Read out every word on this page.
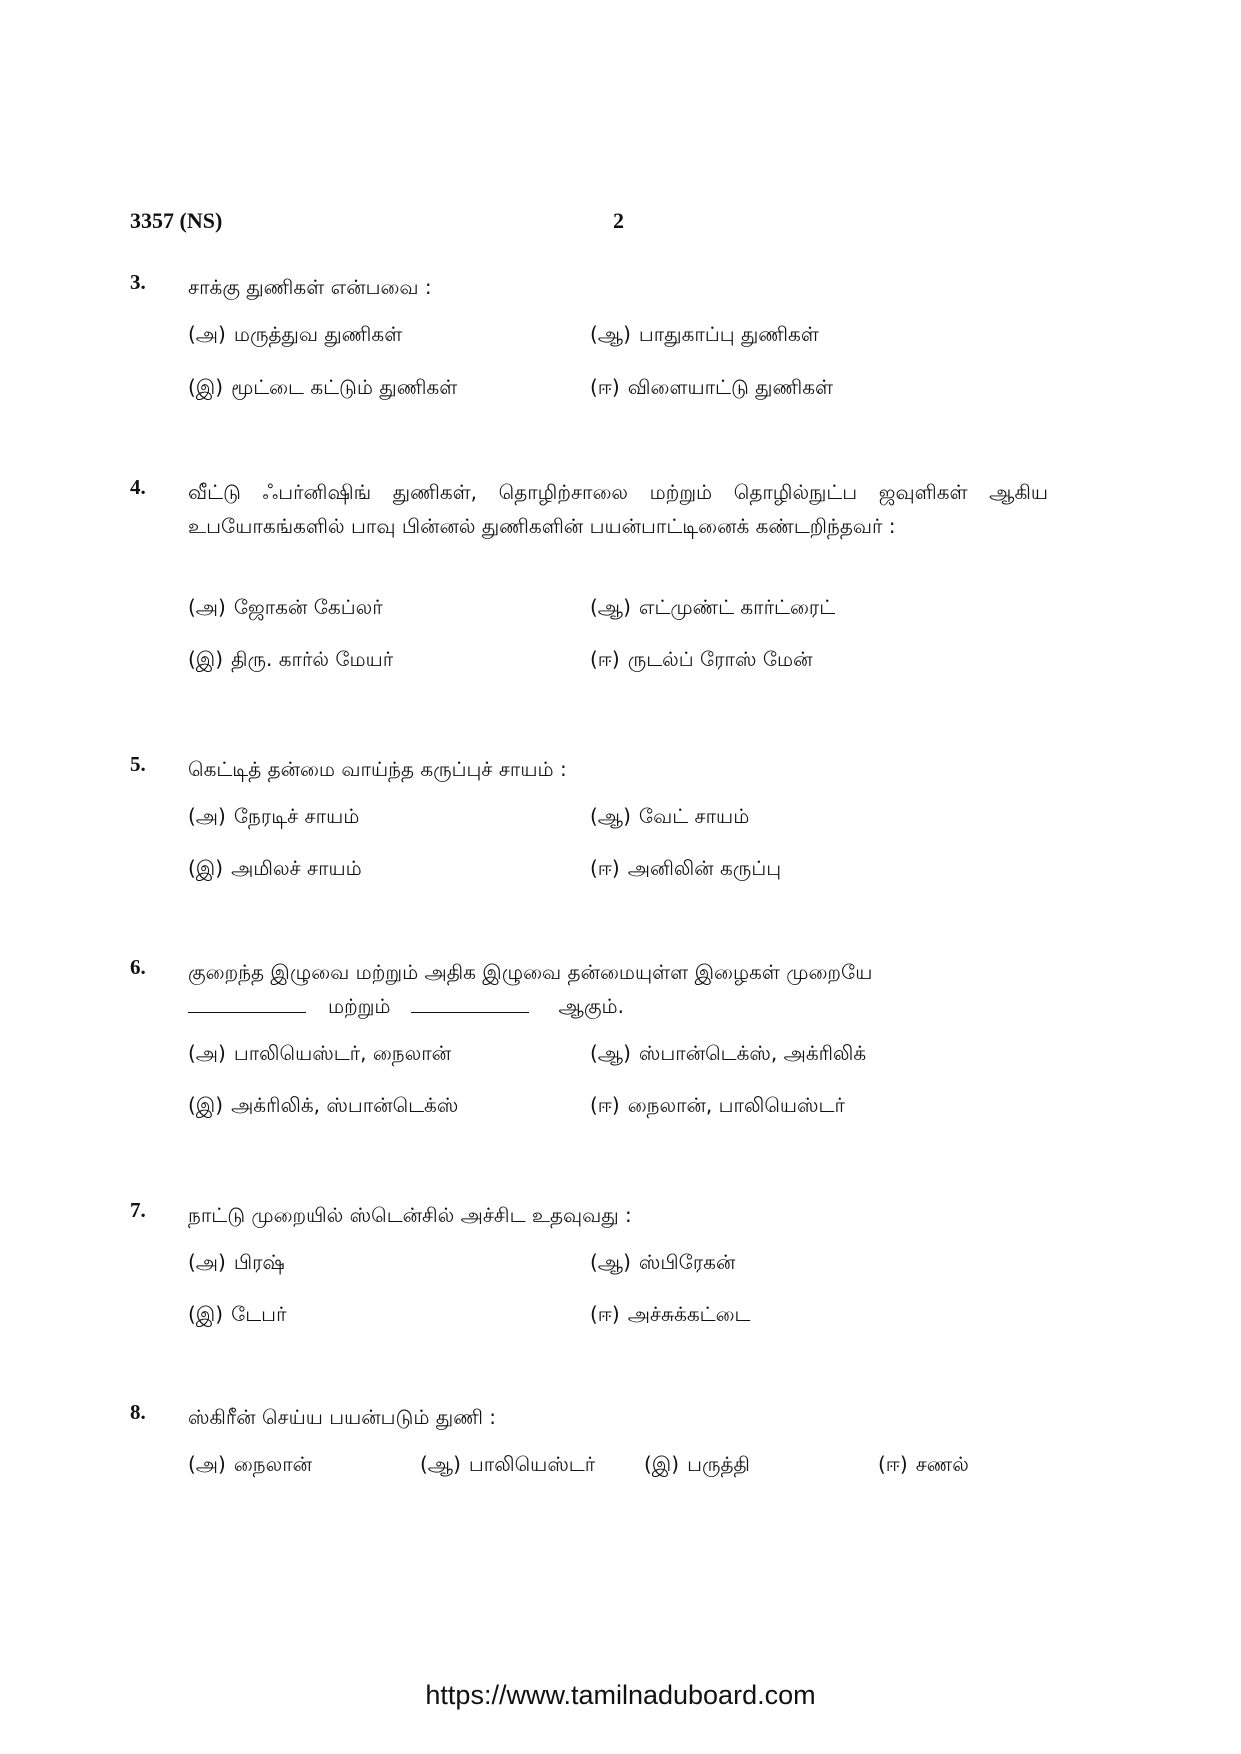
3357 (NS)	2
3. சாக்கு துணிகள் என்பவை :
(அ) மருத்துவ துணிகள்	(ஆ) பாதுகாப்பு துணிகள்
(இ) மூட்டை கட்டும் துணிகள்	(ஈ) விளையாட்டு துணிகள்
4. வீட்டு ஃபர்னிஷிங் துணிகள், தொழிற்சாலை மற்றும் தொழில்நுட்ப ஜவுளிகள் ஆகிய உபயோகங்களில் பாவு பின்னல் துணிகளின் பயன்பாட்டினைக் கண்டறிந்தவர் :
(அ) ஜோகன் கேப்லர்	(ஆ) எட்முண்ட் கார்ட்ரைட்
(இ) திரு. கார்ல் மேயர்	(ஈ) ருடல்ப் ரோஸ் மேன்
5. கெட்டித் தன்மை வாய்ந்த கருப்புச் சாயம் :
(அ) நேரடிச் சாயம்	(ஆ) வேட் சாயம்
(இ) அமிலச் சாயம்	(ஈ) அனிலின் கருப்பு
6. குறைந்த இழுவை மற்றும் அதிக இழுவை தன்மையுள்ள இழைகள் முறையே
மற்றும்	ஆகும்.
(அ) பாலியெஸ்டர், நைலான்	(ஆ) ஸ்பான்டெக்ஸ், அக்ரிலிக்
(இ) அக்ரிலிக், ஸ்பான்டெக்ஸ்	(ஈ) நைலான், பாலியெஸ்டர்
7. நாட்டு முறையில் ஸ்டென்சில் அச்சிட உதவுவது :
(அ) பிரஷ்	(ஆ) ஸ்பிரேகன்
(இ) டேபர்	(ஈ) அச்சுக்கட்டை
8. ஸ்கிரீன் செய்ய பயன்படும் துணி :
(அ) நைலான்	(ஆ) பாலியெஸ்டர் (இ) பருத்தி	(ஈ) சணல்
https://www.tamilnaduboard.com
